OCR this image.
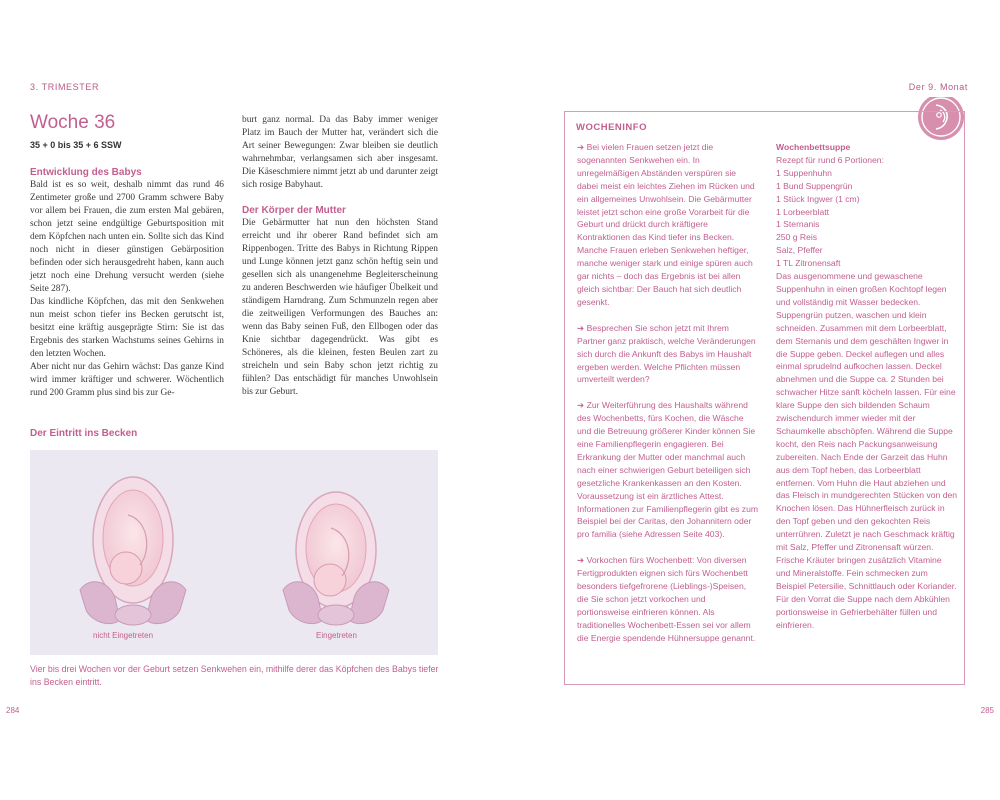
3. TRIMESTER	Der 9. Monat
Woche 36
35 + 0 bis 35 + 6 SSW

Entwicklung des Babys

Bald ist es so weit, deshalb nimmt das rund 46 Zentimeter große und 2700 Gramm schwere Baby vor allem bei Frauen, die zum ersten Mal gebären, schon jetzt seine endgültige Geburtsposition mit dem Köpfchen nach unten ein. Sollte sich das Kind noch nicht in dieser günstigen Gebärposition befinden oder sich herausgedreht haben, kann auch jetzt noch eine Drehung versucht werden (siehe Seite 287).

Das kindliche Köpfchen, das mit den Senkwehen nun meist schon tiefer ins Becken gerutscht ist, besitzt eine kräftig ausgeprägte Stirn: Sie ist das Ergebnis des starken Wachstums seines Gehirns in den letzten Wochen.

Aber nicht nur das Gehirn wächst: Das ganze Kind wird immer kräftiger und schwerer. Wöchentlich rund 200 Gramm plus sind bis zur Ge-

burt ganz normal. Da das Baby immer weniger Platz im Bauch der Mutter hat, verändert sich die Art seiner Bewegungen: Zwar bleiben sie deutlich wahrnehmbar, verlangsamen sich aber insgesamt. Die Käseschmiere nimmt jetzt ab und darunter zeigt sich rosige Babyhaut.

Der Körper der Mutter

Die Gebärmutter hat nun den höchsten Stand erreicht und ihr oberer Rand befindet sich am Rippenbogen. Tritte des Babys in Richtung Rippen und Lunge können jetzt ganz schön heftig sein und gesellen sich als unangenehme Begleiterscheinung zu anderen Beschwerden wie häufiger Übelkeit und ständigem Harndrang. Zum Schmunzeln regen aber die zeitweiligen Verformungen des Bauches an: wenn das Baby seinen Fuß, den Ellbogen oder das Knie sichtbar dagegendrückt. Was gibt es Schöneres, als die kleinen, festen Beulen zart zu streicheln und sein Baby schon jetzt richtig zu fühlen? Das entschädigt für manches Unwohlsein bis zur Geburt.

Der Eintritt ins Becken

nicht Eingetreten	Eingetreten
Vier bis drei Wochen vor der Geburt setzen Senkwehen ein, mithilfe derer das Köpfchen des Babys tiefer ins Becken eintritt.
284	285
WOCHENINFO

➔ Bei vielen Frauen setzen jetzt die sogenannten Senkwehen ein. In unregelmäßigen Abständen verspüren sie dabei meist ein leichtes Ziehen im Rücken und ein allgemeines Unwohlsein. Die Gebärmutter leistet jetzt schon eine große Vorarbeit für die Geburt und drückt durch kräftigere Kontraktionen das Kind tiefer ins Becken. Manche Frauen erleben Senkwehen heftiger, manche weniger stark und einige spüren auch gar nichts – doch das Ergebnis ist bei allen gleich sichtbar: Der Bauch hat sich deutlich gesenkt.

➔ Besprechen Sie schon jetzt mit Ihrem Partner ganz praktisch, welche Veränderungen sich durch die Ankunft des Babys im Haushalt ergeben werden. Welche Pflichten müssen umverteilt werden?

➔ Zur Weiterführung des Haushalts während des Wochenbetts, fürs Kochen, die Wäsche und die Betreuung größerer Kinder können Sie eine Familienpflegerin engagieren. Bei Erkrankung der Mutter oder manchmal auch nach einer schwierigen Geburt beteiligen sich gesetzliche Krankenkassen an den Kosten. Voraussetzung ist ein ärztliches Attest. Informationen zur Familienpflegerin gibt es zum Beispiel bei der Caritas, den Johannitern oder pro familia (siehe Adressen Seite 403).

➔ Vorkochen fürs Wochenbett: Von diversen Fertigprodukten eignen sich fürs Wochenbett besonders tiefgefrorene (Lieblings-)Speisen, die Sie schon jetzt vorkochen und portionsweise einfrieren können. Als traditionelles Wochenbett-Essen sei vor allem die Energie spendende Hühnersuppe genannt.

Wochenbettsuppe
Rezept für rund 6 Portionen:
1 Suppenhuhn
1 Bund Suppengrün
1 Stück Ingwer (1 cm)
1 Lorbeerblatt
1 Sternanis
250 g Reis
Salz, Pfeffer
1 TL Zitronensaft
Das ausgenommene und gewaschene Suppenhuhn in einen großen Kochtopf legen und vollständig mit Wasser bedecken. Suppengrün putzen, waschen und klein schneiden. Zusammen mit dem Lorbeerblatt, dem Sternanis und dem geschälten Ingwer in die Suppe geben. Deckel auflegen und alles einmal sprudelnd aufkochen lassen. Deckel abnehmen und die Suppe ca. 2 Stunden bei schwacher Hitze sanft köcheln lassen. Für eine klare Suppe den sich bildenden Schaum zwischendurch immer wieder mit der Schaumkelle abschöpfen. Während die Suppe kocht, den Reis nach Packungsanweisung zubereiten. Nach Ende der Garzeit das Huhn aus dem Topf heben, das Lorbeerblatt entfernen. Vom Huhn die Haut abziehen und das Fleisch in mundgerechten Stücken von den Knochen lösen. Das Hühnerfleisch zurück in den Topf geben und den gekochten Reis unterrühren. Zuletzt je nach Geschmack kräftig mit Salz, Pfeffer und Zitronensaft würzen. Frische Kräuter bringen zusätzlich Vitamine und Mineralstoffe. Fein schmecken zum Beispiel Petersilie, Schnittlauch oder Koriander. Für den Vorrat die Suppe nach dem Abkühlen portionsweise in Gefrierbehälter füllen und einfrieren.
